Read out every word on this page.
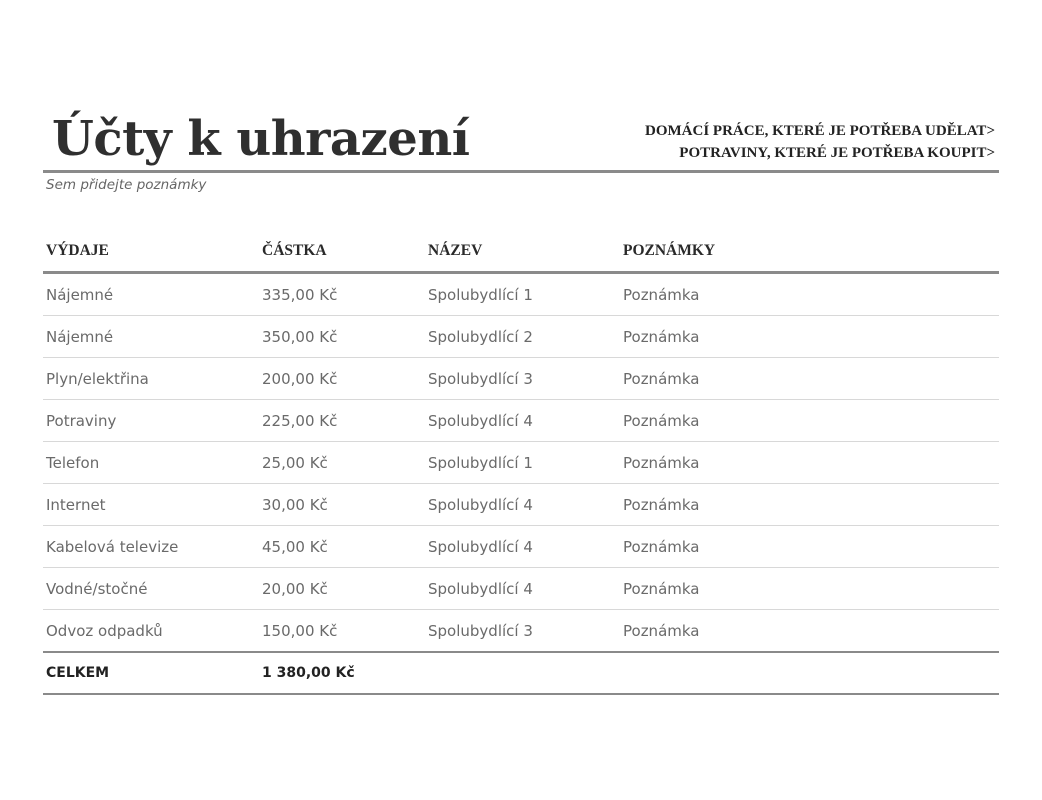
Účty k uhrazení	DOMÁCÍ PRÁCE, KTERÉ JE POTŘEBA UDĚLAT>
POTRAVINY, KTERÉ JE POTŘEBA KOUPIT>
Sem přidejte poznámky
VÝDAJE	ČÁSTKA	NÁZEV	POZNÁMKY
Nájemné	335,00 Kč	Spolubydlící 1	Poznámka
Nájemné	350,00 Kč	Spolubydlící 2	Poznámka
Plyn/elektřina	200,00 Kč	Spolubydlící 3	Poznámka
Potraviny	225,00 Kč	Spolubydlící 4	Poznámka
Telefon	25,00 Kč	Spolubydlící 1	Poznámka
Internet	30,00 Kč	Spolubydlící 4	Poznámka
Kabelová televize	45,00 Kč	Spolubydlící 4	Poznámka
Vodné/stočné	20,00 Kč	Spolubydlící 4	Poznámka
Odvoz odpadků	150,00 Kč	Spolubydlící 3	Poznámka
CELKEM	1 380,00 Kč		
